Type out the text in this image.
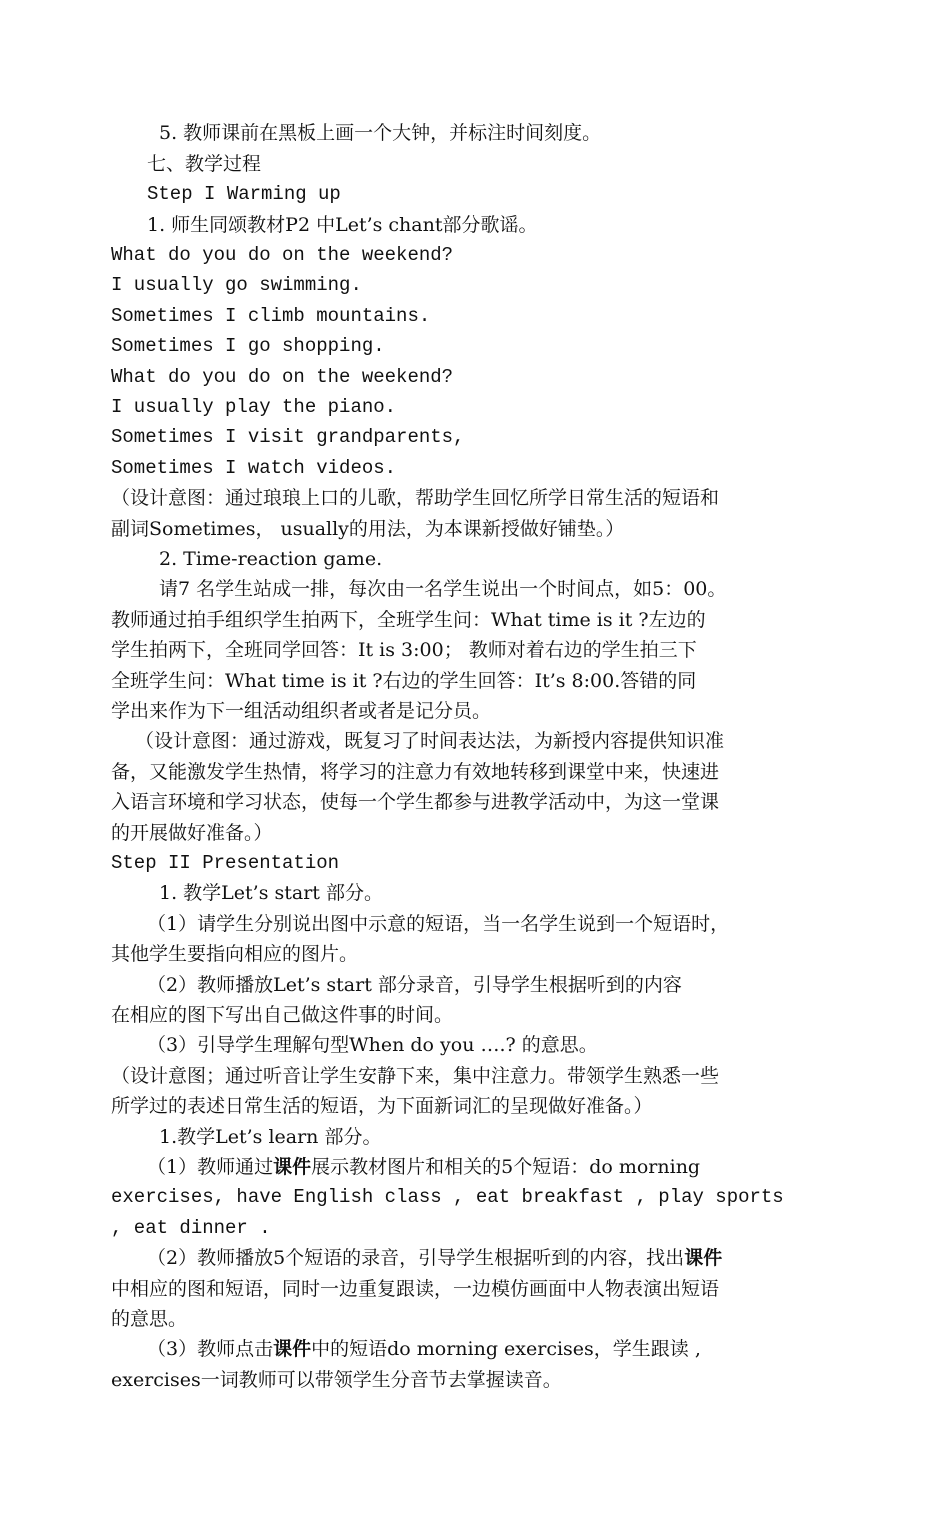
5. 教师课前在黑板上画一个大钟，并标注时间刻度。
七、教学过程
Step I Warming up
1. 师生同颂教材P2 中Let’s chant部分歌谣。
What do you do on the weekend?
I usually go swimming.
Sometimes I climb mountains.
Sometimes I go shopping.
What do you do on the weekend?
I usually play the piano.
Sometimes I visit grandparents,
Sometimes I watch videos.
（设计意图：通过琅琅上口的儿歌，帮助学生回忆所学日常生活的短语和
副词Sometimes， usually的用法，为本课新授做好铺垫。）
2. Time-reaction game.
请7 名学生站成一排，每次由一名学生说出一个时间点，如5：00。
教师通过拍手组织学生拍两下，全班学生问：What time is it ?左边的
学生拍两下，全班同学回答：It is 3:00； 教师对着右边的学生拍三下
全班学生问：What time is it ?右边的学生回答：It’s 8:00.答错的同
学出来作为下一组活动组织者或者是记分员。
（设计意图：通过游戏，既复习了时间表达法，为新授内容提供知识准
备，又能激发学生热情，将学习的注意力有效地转移到课堂中来，快速进
入语言环境和学习状态，使每一个学生都参与进教学活动中，为这一堂课
的开展做好准备。）
Step II Presentation
1. 教学Let’s start 部分。
（1）请学生分别说出图中示意的短语，当一名学生说到一个短语时，
其他学生要指向相应的图片。
（2）教师播放Let’s start 部分录音，引导学生根据听到的内容
在相应的图下写出自己做这件事的时间。
（3）引导学生理解句型When do you ….? 的意思。
（设计意图；通过听音让学生安静下来，集中注意力。带领学生熟悉一些
所学过的表述日常生活的短语，为下面新词汇的呈现做好准备。）
1.教学Let’s learn 部分。
（1）教师通过课件展示教材图片和相关的5个短语：do morning
exercises, have English class , eat breakfast , play sports
, eat dinner .
（2）教师播放5个短语的录音，引导学生根据听到的内容，找出课件
中相应的图和短语，同时一边重复跟读，一边模仿画面中人物表演出短语
的意思。
（3）教师点击课件中的短语do morning exercises，学生跟读 ,
exercises一词教师可以带领学生分音节去掌握读音。
